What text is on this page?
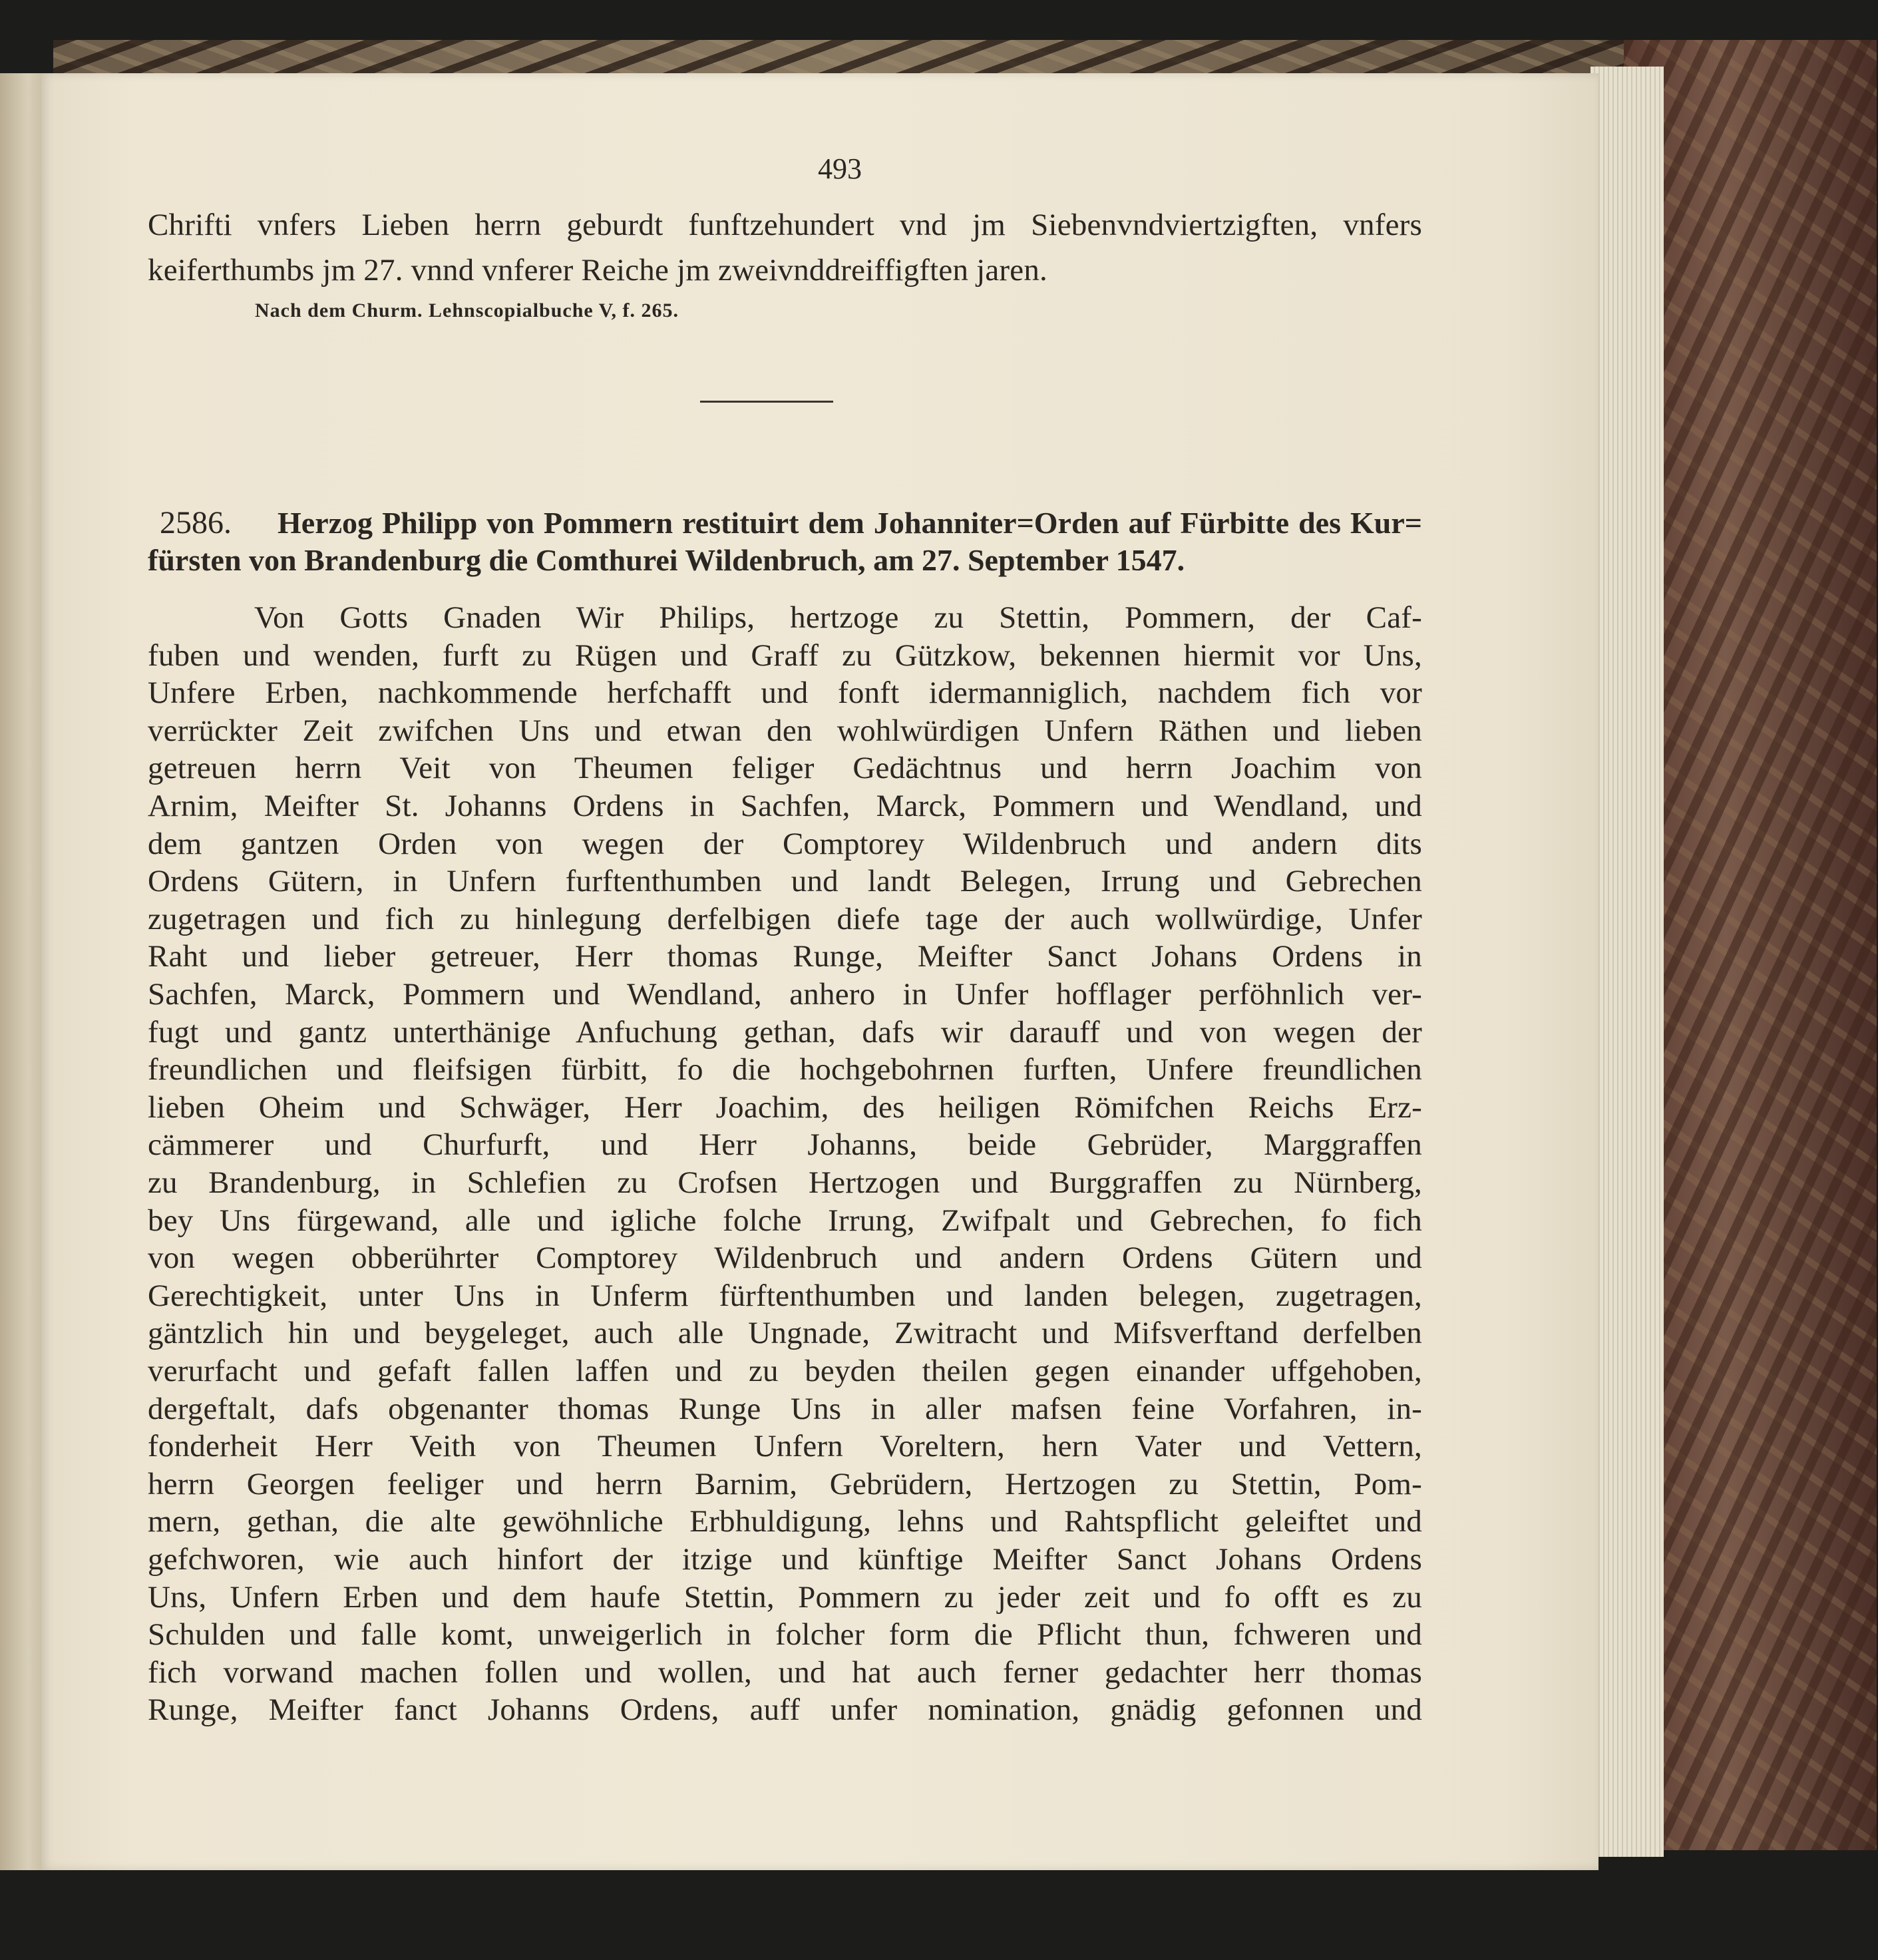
493
Chrifti vnfers Lieben herrn geburdt funftzehundert vnd jm Siebenvndviertzigften, vnfers
keiferthumbs jm 27. vnnd vnferer Reiche jm zweivnddreiffigften jaren.
Nach dem Churm. Lehnscopialbuche V, f. 265.
2586. Herzog Philipp von Pommern restituirt dem Johanniter=Orden auf Fürbitte des Kur=
fürsten von Brandenburg die Comthurei Wildenbruch, am 27. September 1547.
Von Gotts Gnaden Wir Philips, hertzoge zu Stettin, Pommern, der Caf-
fuben und wenden, furft zu Rügen und Graff zu Gützkow, bekennen hiermit vor Uns,
Unfere Erben, nachkommende herfchafft und fonft idermanniglich, nachdem fich vor
verrückter Zeit zwifchen Uns und etwan den wohlwürdigen Unfern Räthen und lieben
getreuen herrn Veit von Theumen feliger Gedächtnus und herrn Joachim von
Arnim, Meifter St. Johanns Ordens in Sachfen, Marck, Pommern und Wendland, und
dem gantzen Orden von wegen der Comptorey Wildenbruch und andern dits
Ordens Gütern, in Unfern furftenthumben und landt Belegen, Irrung und Gebrechen
zugetragen und fich zu hinlegung derfelbigen diefe tage der auch wollwürdige, Unfer
Raht und lieber getreuer, Herr thomas Runge, Meifter Sanct Johans Ordens in
Sachfen, Marck, Pommern und Wendland, anhero in Unfer hofflager perföhnlich ver-
fugt und gantz unterthänige Anfuchung gethan, dafs wir darauff und von wegen der
freundlichen und fleifsigen fürbitt, fo die hochgebohrnen furften, Unfere freundlichen
lieben Oheim und Schwäger, Herr Joachim, des heiligen Römifchen Reichs Erz-
cämmerer und Churfurft, und Herr Johanns, beide Gebrüder, Marggraffen
zu Brandenburg, in Schlefien zu Crofsen Hertzogen und Burggraffen zu Nürnberg,
bey Uns fürgewand, alle und igliche folche Irrung, Zwifpalt und Gebrechen, fo fich
von wegen obberührter Comptorey Wildenbruch und andern Ordens Gütern und
Gerechtigkeit, unter Uns in Unferm fürftenthumben und landen belegen, zugetragen,
gäntzlich hin und beygeleget, auch alle Ungnade, Zwitracht und Mifsverftand derfelben
verurfacht und gefaft fallen laffen und zu beyden theilen gegen einander uffgehoben,
dergeftalt, dafs obgenanter thomas Runge Uns in aller mafsen feine Vorfahren, in-
fonderheit Herr Veith von Theumen Unfern Voreltern, hern Vater und Vettern,
herrn Georgen feeliger und herrn Barnim, Gebrüdern, Hertzogen zu Stettin, Pom-
mern, gethan, die alte gewöhnliche Erbhuldigung, lehns und Rahtspflicht geleiftet und
gefchworen, wie auch hinfort der itzige und künftige Meifter Sanct Johans Ordens
Uns, Unfern Erben und dem haufe Stettin, Pommern zu jeder zeit und fo offt es zu
Schulden und falle komt, unweigerlich in folcher form die Pflicht thun, fchweren und
fich vorwand machen follen und wollen, und hat auch ferner gedachter herr thomas
Runge, Meifter fanct Johanns Ordens, auff unfer nomination, gnädig gefonnen und
